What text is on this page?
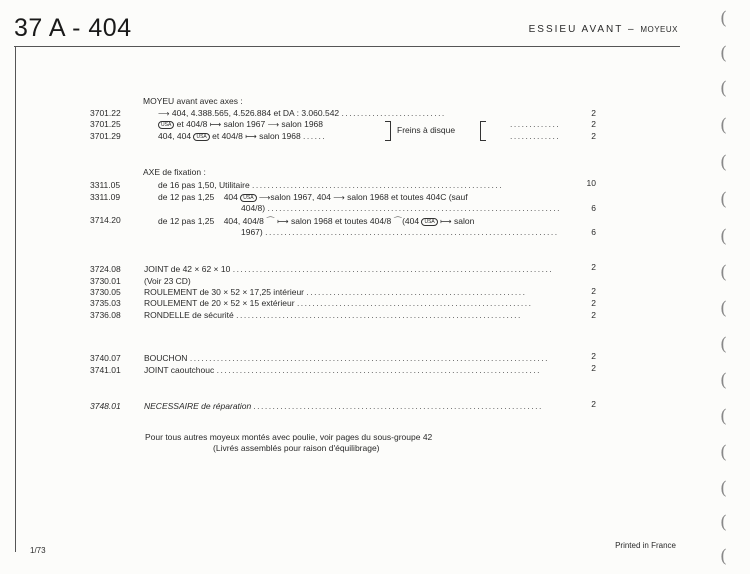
37 A - 404	ESSIEU AVANT – MOYEUX
(
(
(
(
(
(
(
(
(
(
(
(
(
(
(
(
MOYEU avant avec axes :
3701.22	⟶ 404, 4.388.565, 4.526.884 et DA : 3.060.542 ...........................	2
3701.25	USA et 404/8 ⟼ salon 1967 ⟶ salon 1968	.............	2
3701.29	404, 404 USA et 404/8 ⟼ salon 1968 ......	.............	2
Freins à disque
AXE de fixation :
3311.05	de 16 pas 1,50, Utilitaire .................................................................	10
3311.09	de 12 pas 1,25 404 USA ⟶salon 1967, 404 ⟶ salon 1968 et toutes 404C (sauf
404/8) ............................................................................	6
3714.20	de 12 pas 1,25 404, 404/8 ⌒ ⟼ salon 1968 et toutes 404/8 ⌒(404 USA ⟼ salon
1967) ............................................................................	6
3724.08	JOINT de 42 × 62 × 10 ...................................................................................	2
3730.01	(Voir 23 CD)
3730.05	ROULEMENT de 30 × 52 × 17,25 intérieur .........................................................	2
3735.03	ROULEMENT de 20 × 52 × 15 extérieur .............................................................	2
3736.08	RONDELLE de sécurité ..........................................................................	2
3740.07	BOUCHON .............................................................................................	2
3741.01	JOINT caoutchouc ....................................................................................	2
3748.01	NECESSAIRE de réparation ...........................................................................	2
Pour tous autres moyeux montés avec poulie, voir pages du sous-groupe 42
(Livrés assemblés pour raison d'équilibrage)
1/73
Printed in France
